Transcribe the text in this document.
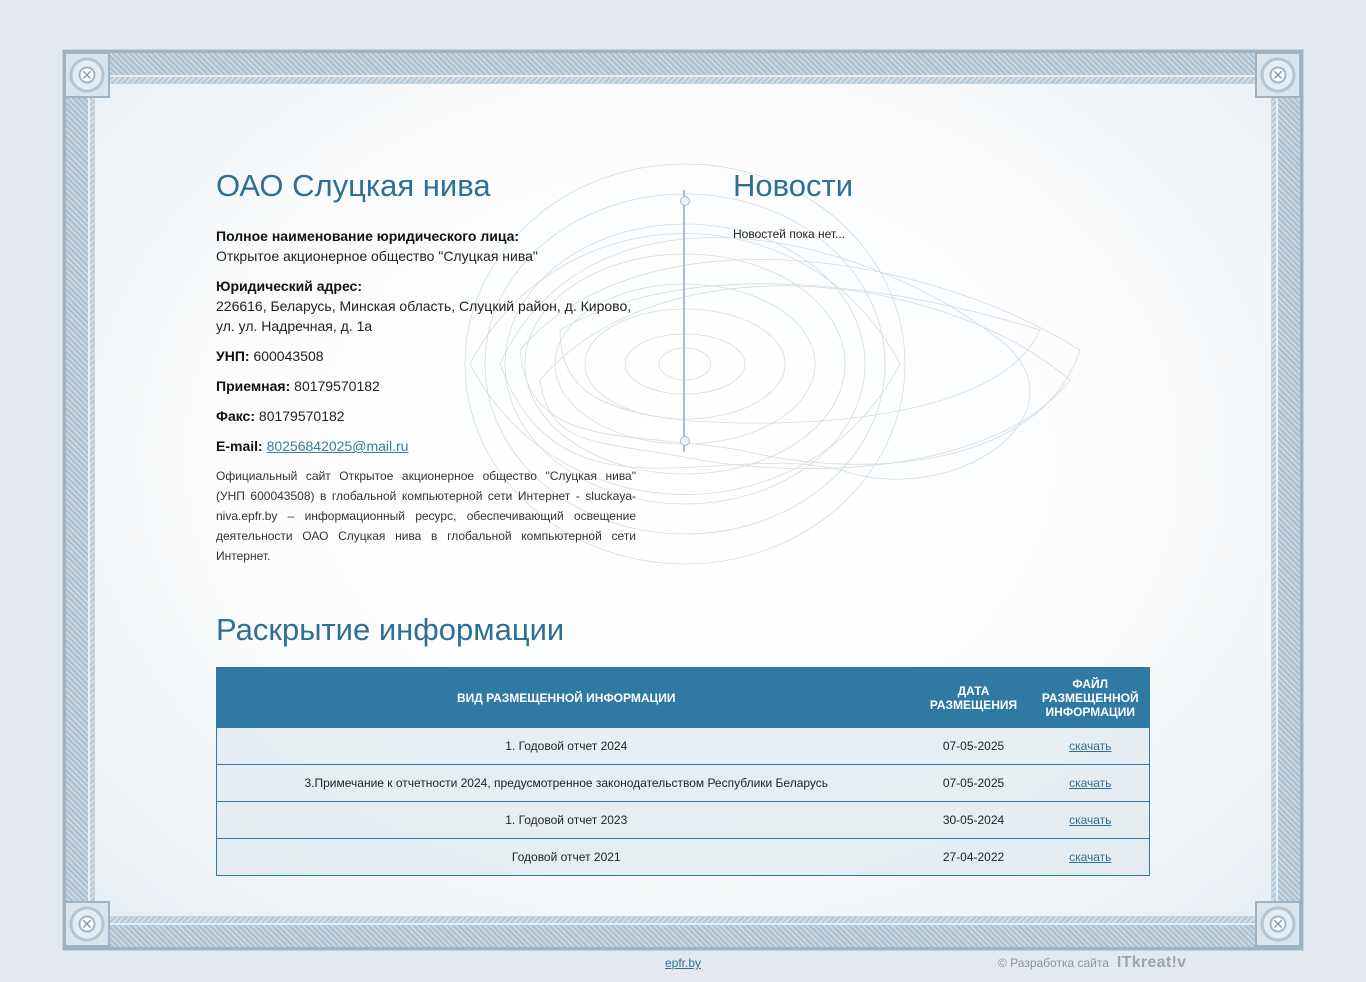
✕	✕
✕	✕
ОАО Слуцкая нива
Полное наименование юридического лица:
Открытое акционерное общество "Слуцкая нива"
Юридический адрес:
226616, Беларусь, Минская область, Слуцкий район, д. Кирово, ул. ул. Надречная, д. 1а
УНП: 600043508
Приемная: 80179570182
Факс: 80179570182
E-mail: 80256842025@mail.ru

Официальный сайт Открытое акционерное общество "Слуцкая нива" (УНП 600043508) в глобальной компьютерной сети Интернет - sluckaya-niva.epfr.by – информационный ресурс, обеспечивающий освещение деятельности ОАО Слуцкая нива в глобальной компьютерной сети Интернет.

Новости

Новостей пока нет...

Раскрытие информации
ВИД РАЗМЕЩЕННОЙ ИНФОРМАЦИИ	ДАТА РАЗМЕЩЕНИЯ	ФАЙЛ РАЗМЕЩЕННОЙ ИНФОРМАЦИИ
1. Годовой отчет 2024	07-05-2025	скачать
3.Примечание к отчетности 2024, предусмотренное законодательством Республики Беларусь	07-05-2025	скачать
1. Годовой отчет 2023	30-05-2024	скачать
Годовой отчет 2021	27-04-2022	скачать
epfr.by	© Разработка сайта ITkreat!v
